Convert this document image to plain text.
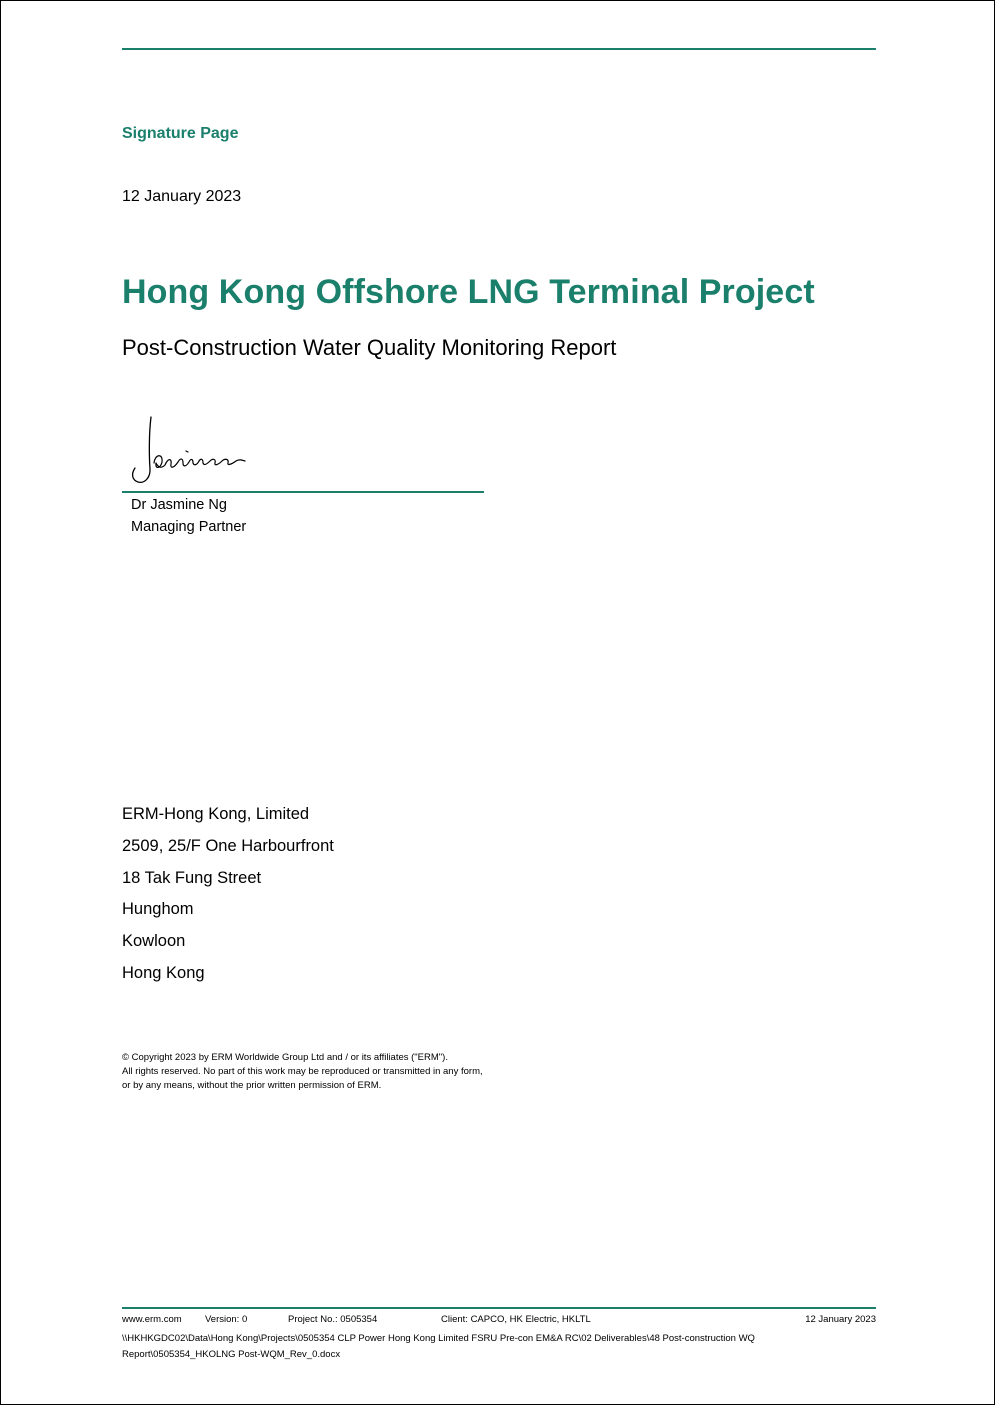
Signature Page
12 January 2023
Hong Kong Offshore LNG Terminal Project
Post-Construction Water Quality Monitoring Report
Dr Jasmine Ng
Managing Partner
ERM-Hong Kong, Limited
2509, 25/F One Harbourfront
18 Tak Fung Street
Hunghom
Kowloon
Hong Kong
© Copyright 2023 by ERM Worldwide Group Ltd and / or its affiliates ("ERM").
All rights reserved. No part of this work may be reproduced or transmitted in any form,
or by any means, without the prior written permission of ERM.
www.erm.com Version: 0	Project No.: 0505354	Client: CAPCO, HK Electric, HKLTL	12 January 2023
\\HKHKGDC02\Data\Hong Kong\Projects\0505354 CLP Power Hong Kong Limited FSRU Pre-con EM&A RC\02 Deliverables\48 Post-construction WQ
Report\0505354_HKOLNG Post-WQM_Rev_0.docx
